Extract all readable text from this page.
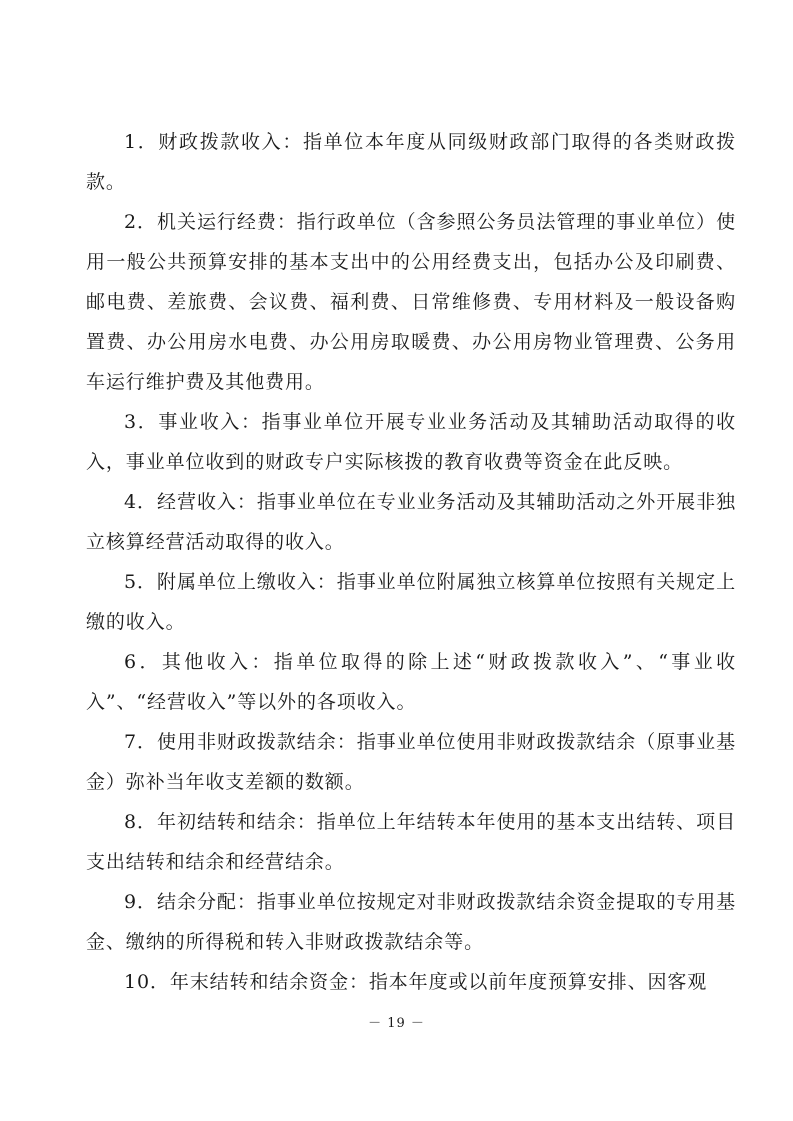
1．财政拨款收入：指单位本年度从同级财政部门取得的各类财政拨款。

2．机关运行经费：指行政单位（含参照公务员法管理的事业单位）使用一般公共预算安排的基本支出中的公用经费支出，包括办公及印刷费、邮电费、差旅费、会议费、福利费、日常维修费、专用材料及一般设备购置费、办公用房水电费、办公用房取暖费、办公用房物业管理费、公务用车运行维护费及其他费用。

3．事业收入：指事业单位开展专业业务活动及其辅助活动取得的收入，事业单位收到的财政专户实际核拨的教育收费等资金在此反映。

4．经营收入：指事业单位在专业业务活动及其辅助活动之外开展非独立核算经营活动取得的收入。

5．附属单位上缴收入：指事业单位附属独立核算单位按照有关规定上缴的收入。

6．其他收入：指单位取得的除上述“财政拨款收入”、“事业收入”、“经营收入”等以外的各项收入。

7．使用非财政拨款结余：指事业单位使用非财政拨款结余（原事业基金）弥补当年收支差额的数额。

8．年初结转和结余：指单位上年结转本年使用的基本支出结转、项目支出结转和结余和经营结余。

9．结余分配：指事业单位按规定对非财政拨款结余资金提取的专用基金、缴纳的所得税和转入非财政拨款结余等。

10．年末结转和结余资金：指本年度或以前年度预算安排、因客观

－ 19 －
